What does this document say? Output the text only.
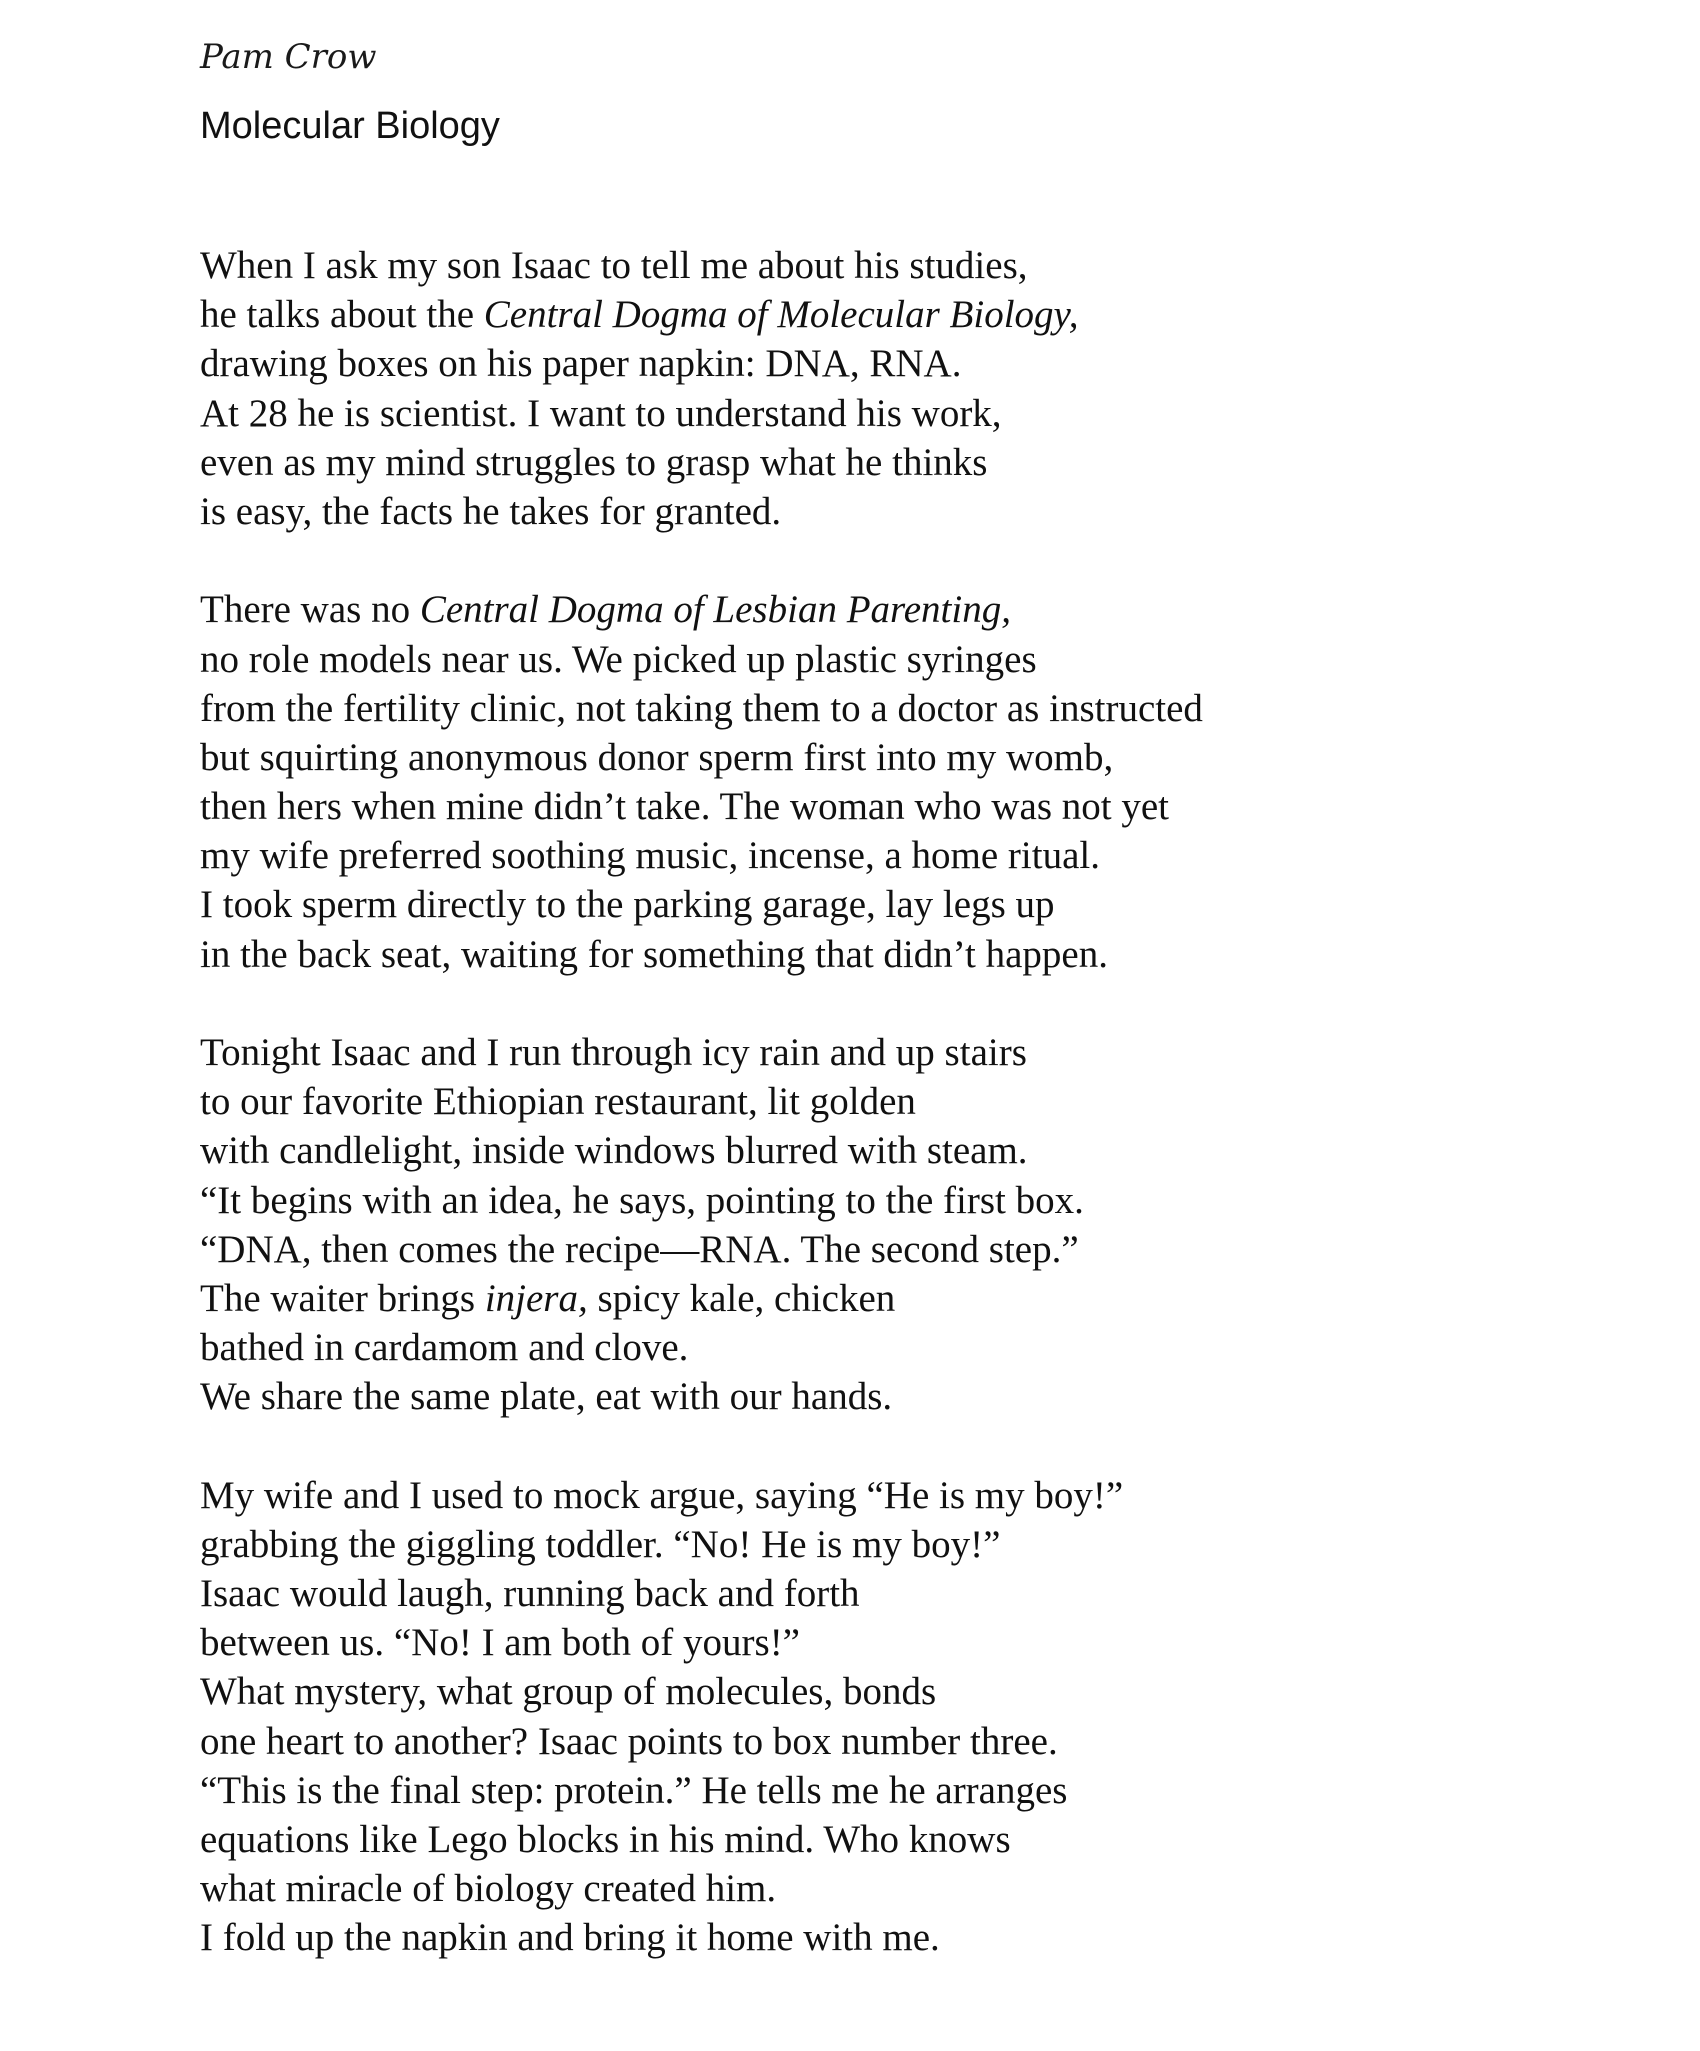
Pam Crow
Molecular Biology
When I ask my son Isaac to tell me about his studies,
he talks about the Central Dogma of Molecular Biology,
drawing boxes on his paper napkin: DNA, RNA.
At 28 he is scientist. I want to understand his work,
even as my mind struggles to grasp what he thinks
is easy, the facts he takes for granted.
There was no Central Dogma of Lesbian Parenting,
no role models near us. We picked up plastic syringes
from the fertility clinic, not taking them to a doctor as instructed
but squirting anonymous donor sperm first into my womb,
then hers when mine didn’t take. The woman who was not yet
my wife preferred soothing music, incense, a home ritual.
I took sperm directly to the parking garage, lay legs up
in the back seat, waiting for something that didn’t happen.
Tonight Isaac and I run through icy rain and up stairs
to our favorite Ethiopian restaurant, lit golden
with candlelight, inside windows blurred with steam.
“It begins with an idea, he says, pointing to the first box.
“DNA, then comes the recipe—RNA. The second step.”
The waiter brings injera, spicy kale, chicken
bathed in cardamom and clove.
We share the same plate, eat with our hands.
My wife and I used to mock argue, saying “He is my boy!”
grabbing the giggling toddler. “No! He is my boy!”
Isaac would laugh, running back and forth
between us. “No! I am both of yours!”
What mystery, what group of molecules, bonds
one heart to another? Isaac points to box number three.
“This is the final step: protein.” He tells me he arranges
equations like Lego blocks in his mind. Who knows
what miracle of biology created him.
I fold up the napkin and bring it home with me.
